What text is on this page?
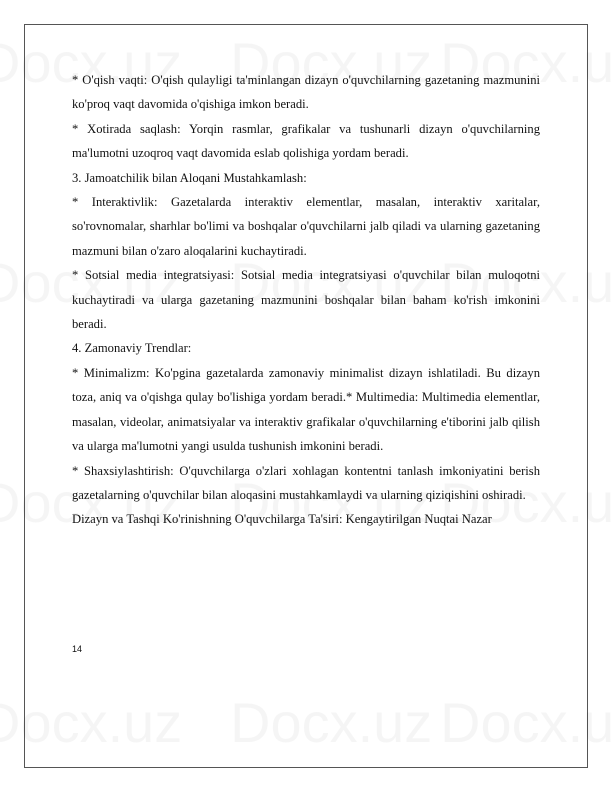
* O'qish vaqti: O'qish qulayligi ta'minlangan dizayn o'quvchilarning gazetaning mazmunini ko'proq vaqt davomida o'qishiga imkon beradi.

* Xotirada saqlash: Yorqin rasmlar, grafikalar va tushunarli dizayn o'quvchilarning ma'lumotni uzoqroq vaqt davomida eslab qolishiga yordam beradi.

3. Jamoatchilik bilan Aloqani Mustahkamlash:

* Interaktivlik: Gazetalarda interaktiv elementlar, masalan, interaktiv xaritalar, so'rovnomalar, sharhlar bo'limi va boshqalar o'quvchilarni jalb qiladi va ularning gazetaning mazmuni bilan o'zaro aloqalarini kuchaytiradi.

* Sotsial media integratsiyasi: Sotsial media integratsiyasi o'quvchilar bilan muloqotni kuchaytiradi va ularga gazetaning mazmunini boshqalar bilan baham ko'rish imkonini beradi.

4. Zamonaviy Trendlar:

* Minimalizm: Ko'pgina gazetalarda zamonaviy minimalist dizayn ishlatiladi. Bu dizayn toza, aniq va o'qishga qulay bo'lishiga yordam beradi.* Multimedia: Multimedia elementlar, masalan, videolar, animatsiyalar va interaktiv grafikalar o'quvchilarning e'tiborini jalb qilish va ularga ma'lumotni yangi usulda tushunish imkonini beradi.

* Shaxsiylashtirish: O'quvchilarga o'zlari xohlagan kontentni tanlash imkoniyatini berish gazetalarning o'quvchilar bilan aloqasini mustahkamlaydi va ularning qiziqishini oshiradi.

Dizayn va Tashqi Ko'rinishning O'quvchilarga Ta'siri: Kengaytirilgan Nuqtai Nazar

14
